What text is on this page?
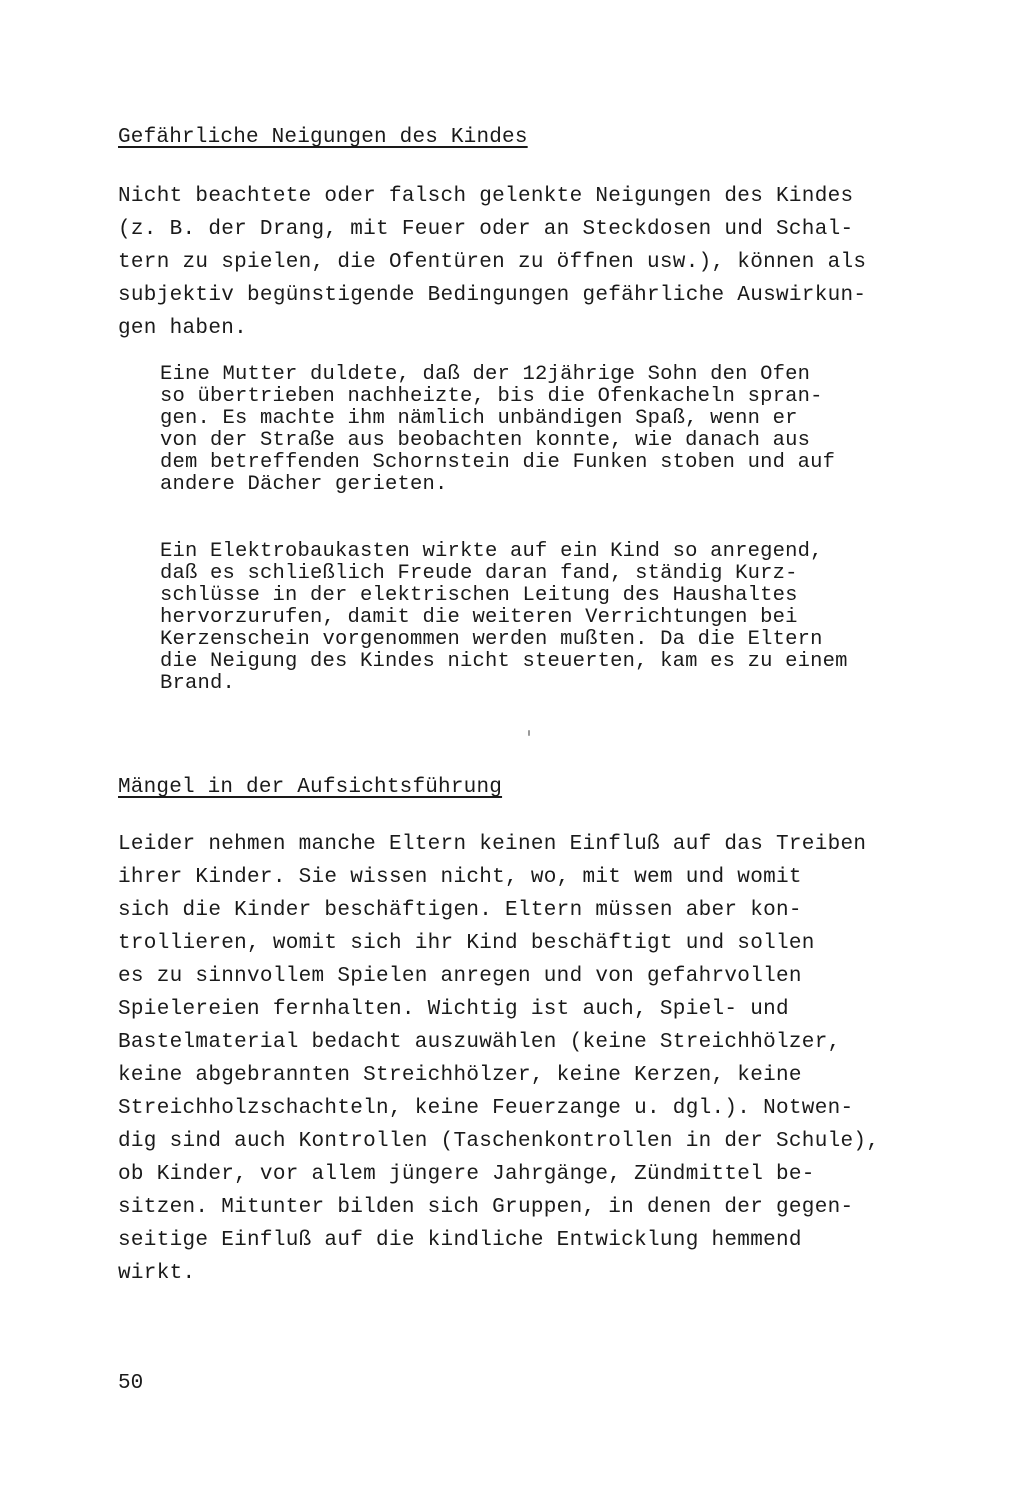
Gefährliche Neigungen des Kindes
Nicht beachtete oder falsch gelenkte Neigungen des Kindes
(z. B. der Drang, mit Feuer oder an Steckdosen und Schal-
tern zu spielen, die Ofentüren zu öffnen usw.), können als
subjektiv begünstigende Bedingungen gefährliche Auswirkun-
gen haben.
Eine Mutter duldete, daß der 12jährige Sohn den Ofen
so übertrieben nachheizte, bis die Ofenkacheln spran-
gen. Es machte ihm nämlich unbändigen Spaß, wenn er
von der Straße aus beobachten konnte, wie danach aus
dem betreffenden Schornstein die Funken stoben und auf
andere Dächer gerieten.
Ein Elektrobaukasten wirkte auf ein Kind so anregend,
daß es schließlich Freude daran fand, ständig Kurz-
schlüsse in der elektrischen Leitung des Haushaltes
hervorzurufen, damit die weiteren Verrichtungen bei
Kerzenschein vorgenommen werden mußten. Da die Eltern
die Neigung des Kindes nicht steuerten, kam es zu einem
Brand.
Mängel in der Aufsichtsführung
Leider nehmen manche Eltern keinen Einfluß auf das Treiben
ihrer Kinder. Sie wissen nicht, wo, mit wem und womit
sich die Kinder beschäftigen. Eltern müssen aber kon-
trollieren, womit sich ihr Kind beschäftigt und sollen
es zu sinnvollem Spielen anregen und von gefahrvollen
Spielereien fernhalten. Wichtig ist auch, Spiel- und
Bastelmaterial bedacht auszuwählen (keine Streichhölzer,
keine abgebrannten Streichhölzer, keine Kerzen, keine
Streichholzschachteln, keine Feuerzange u. dgl.). Notwen-
dig sind auch Kontrollen (Taschenkontrollen in der Schule),
ob Kinder, vor allem jüngere Jahrgänge, Zündmittel be-
sitzen. Mitunter bilden sich Gruppen, in denen der gegen-
seitige Einfluß auf die kindliche Entwicklung hemmend
wirkt.
50
